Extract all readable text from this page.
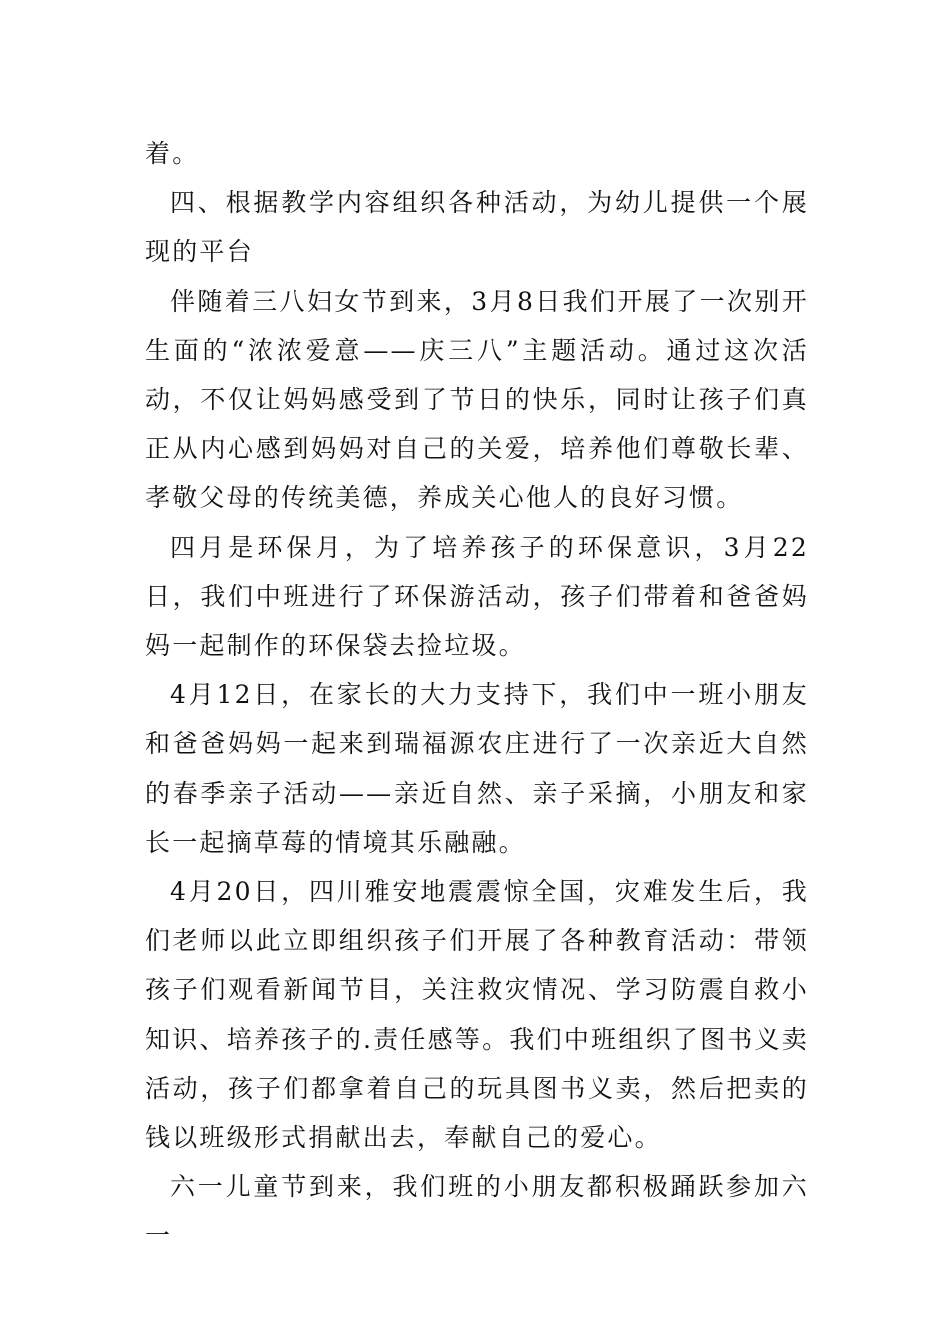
着。

四、根据教学内容组织各种活动，为幼儿提供一个展现的平台

伴随着三八妇女节到来，3月8日我们开展了一次别开生面的“浓浓爱意——庆三八”主题活动。通过这次活动，不仅让妈妈感受到了节日的快乐，同时让孩子们真正从内心感到妈妈对自己的关爱，培养他们尊敬长辈、孝敬父母的传统美德，养成关心他人的良好习惯。

四月是环保月，为了培养孩子的环保意识，3月22日，我们中班进行了环保游活动，孩子们带着和爸爸妈妈一起制作的环保袋去捡垃圾。

4月12日，在家长的大力支持下，我们中一班小朋友和爸爸妈妈一起来到瑞福源农庄进行了一次亲近大自然的春季亲子活动——亲近自然、亲子采摘，小朋友和家长一起摘草莓的情境其乐融融。

4月20日，四川雅安地震震惊全国，灾难发生后，我们老师以此立即组织孩子们开展了各种教育活动：带领孩子们观看新闻节目，关注救灾情况、学习防震自救小知识、培养孩子的.责任感等。我们中班组织了图书义卖活动，孩子们都拿着自己的玩具图书义卖，然后把卖的钱以班级形式捐献出去，奉献自己的爱心。

六一儿童节到来，我们班的小朋友都积极踊跃参加六一
